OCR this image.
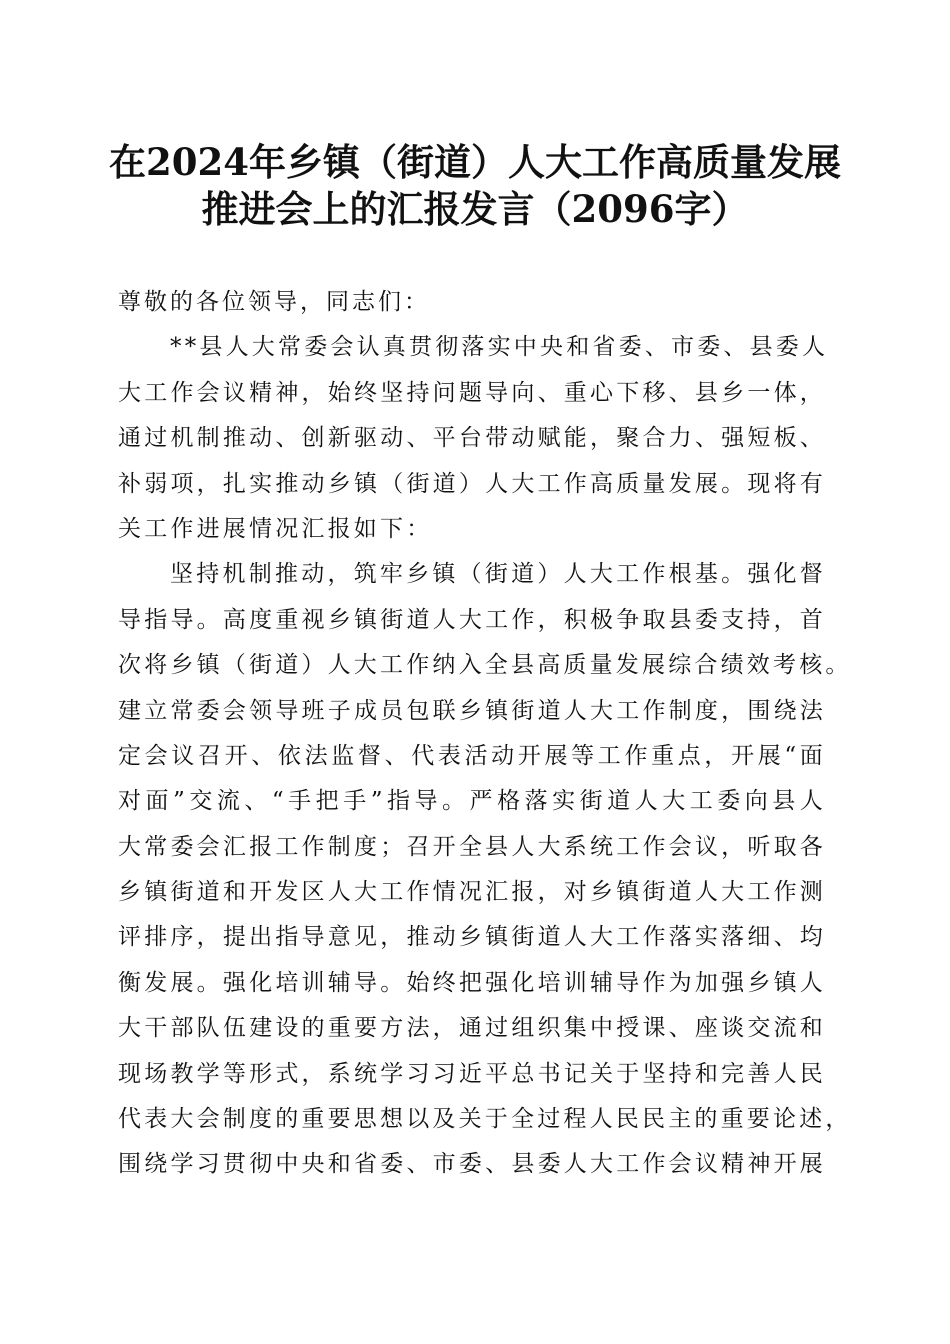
在2024年乡镇（街道）人大工作高质量发展
推进会上的汇报发言（2096字）
尊敬的各位领导，同志们：
**县人大常委会认真贯彻落实中央和省委、市委、县委人
大工作会议精神，始终坚持问题导向、重心下移、县乡一体，
通过机制推动、创新驱动、平台带动赋能，聚合力、强短板、
补弱项，扎实推动乡镇（街道）人大工作高质量发展。现将有
关工作进展情况汇报如下：
坚持机制推动，筑牢乡镇（街道）人大工作根基。强化督
导指导。高度重视乡镇街道人大工作，积极争取县委支持，首
次将乡镇（街道）人大工作纳入全县高质量发展综合绩效考核。
建立常委会领导班子成员包联乡镇街道人大工作制度，围绕法
定会议召开、依法监督、代表活动开展等工作重点，开展“面
对面”交流、“手把手”指导。严格落实街道人大工委向县人
大常委会汇报工作制度；召开全县人大系统工作会议，听取各
乡镇街道和开发区人大工作情况汇报，对乡镇街道人大工作测
评排序，提出指导意见，推动乡镇街道人大工作落实落细、均
衡发展。强化培训辅导。始终把强化培训辅导作为加强乡镇人
大干部队伍建设的重要方法，通过组织集中授课、座谈交流和
现场教学等形式，系统学习习近平总书记关于坚持和完善人民
代表大会制度的重要思想以及关于全过程人民民主的重要论述，
围绕学习贯彻中央和省委、市委、县委人大工作会议精神开展
